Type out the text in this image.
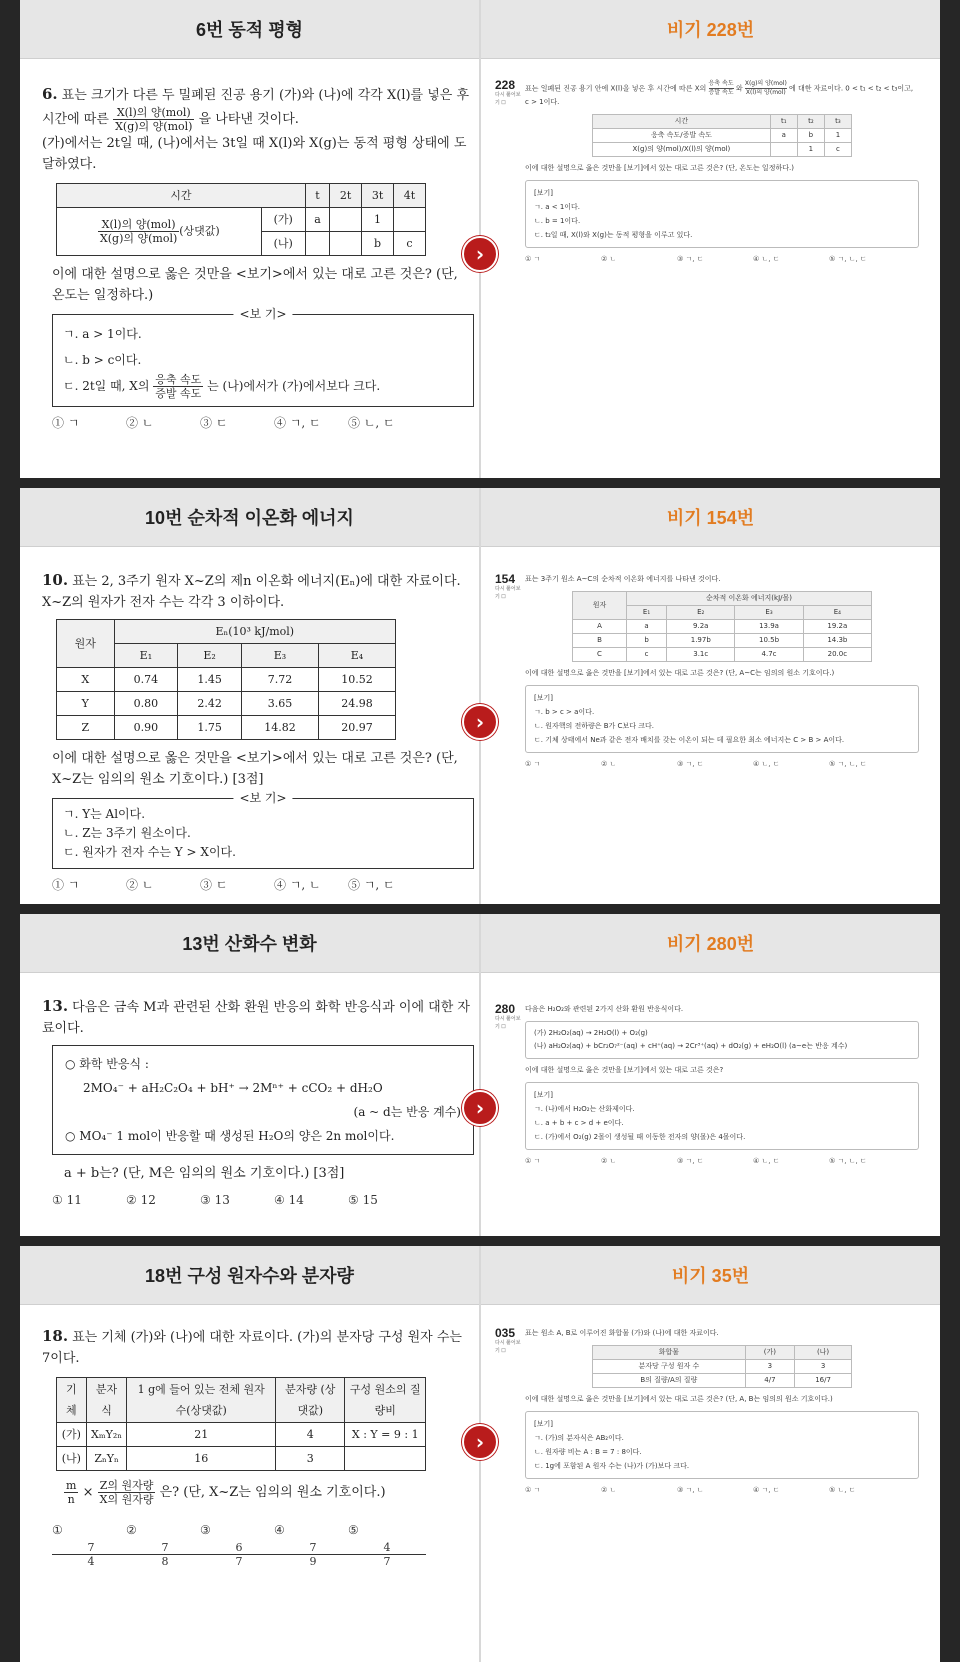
6번 동적 평형	비기 228번
›
6. 표는 크기가 다른 두 밀폐된 진공 용기 (가)와 (나)에 각각 X(l)를 넣은 후 시간에 따른 $\frac{\text{X(l)의 양(mol)}}{\text{X(g)의 양(mol)}}$ 을 나타낸 것이다.
(가)에서는 2t일 때, (나)에서는 3t일 때 X(l)와 X(g)는 동적 평형 상태에 도달하였다.
시간		t	2t	3t	4t

$\frac{\text{X(l)의 양(mol)}}{\text{X(g)의 양(mol)}}$ (상댓값)	(가)	a		1	
	(나)			b	c
이에 대한 설명으로 옳은 것만을 <보기>에서 있는 대로 고른 것은? (단, 온도는 일정하다.)
<보 기>
ㄱ. a > 1이다.
ㄴ. b > c이다.
ㄷ. 2t일 때, X의 $\frac{\text{응축 속도}}{\text{증발 속도}}$ 는 (나)에서가 (가)에서보다 크다.
① ㄱ	② ㄴ	③ ㄷ	④ ㄱ, ㄷ	⑤ ㄴ, ㄷ
228
다시 풀어보기 ☐
표는 일폐된 진공 용기 안에 X(l)을 넣은 후 시간에 따른 X의
응축 속도
증발 속도 와
X(g)의 양(mol)
X(l)의 양(mol) 에 대한 자료이다. 0 < t₁ < t₂ < t₃이고, c > 1이다.
시간	t₁	t₂	t₃
응축 속도/증발 속도	a	b	1
X(g)의 양(mol)/X(l)의 양(mol)		1	c
이에 대한 설명으로 옳은 것만을 [보기]에서 있는 대로 고른 것은? (단, 온도는 일정하다.)
[보기]
ㄱ. a < 1이다.
ㄴ. b = 1이다.
ㄷ. t₂일 때, X(l)와 X(g)는 동적 평형을 이루고 있다.
① ㄱ	② ㄴ	③ ㄱ, ㄷ	④ ㄴ, ㄷ	⑤ ㄱ, ㄴ, ㄷ
10번 순차적 이온화 에너지	비기 154번
›
10. 표는 2, 3주기 원자 X~Z의 제n 이온화 에너지(Eₙ)에 대한 자료이다. X~Z의 원자가 전자 수는 각각 3 이하이다.
원자	Eₙ(10³ kJ/mol)			
	E₁	E₂	E₃	E₄
X	0.74	1.45	7.72	10.52
Y	0.80	2.42	3.65	24.98
Z	0.90	1.75	14.82	20.97
이에 대한 설명으로 옳은 것만을 <보기>에서 있는 대로 고른 것은? (단, X~Z는 임의의 원소 기호이다.) [3점]
<보 기>
ㄱ. Y는 Al이다.
ㄴ. Z는 3주기 원소이다.
ㄷ. 원자가 전자 수는 Y > X이다.
① ㄱ	② ㄴ	③ ㄷ	④ ㄱ, ㄴ	⑤ ㄱ, ㄷ
154
다시 풀어보기 ☐
표는 3주기 원소 A~C의 순차적 이온화 에너지를 나타낸 것이다.
원자	순차적 이온화 에너지(kJ/몰)			
	E₁	E₂	E₃	E₄
A	a	9.2a	13.9a	19.2a
B	b	1.97b	10.5b	14.3b
C	c	3.1c	4.7c	20.0c
이에 대한 설명으로 옳은 것만을 [보기]에서 있는 대로 고른 것은? (단, A~C는 임의의 원소 기호이다.)
[보기]
ㄱ. b > c > a이다.
ㄴ. 원자핵의 전하량은 B가 C보다 크다.
ㄷ. 기체 상태에서 Ne과 같은 전자 배치를 갖는 이온이 되는 데 필요한 최소 에너지는 C > B > A이다.
① ㄱ	② ㄴ	③ ㄱ, ㄷ	④ ㄴ, ㄷ	⑤ ㄱ, ㄴ, ㄷ
13번 산화수 변화	비기 280번
›
13. 다음은 금속 M과 관련된 산화 환원 반응의 화학 반응식과 이에 대한 자료이다.
○ 화학 반응식 :
2MO₄⁻ + aH₂C₂O₄ + bH⁺ → 2Mⁿ⁺ + cCO₂ + dH₂O
(a ~ d는 반응 계수)
○ MO₄⁻ 1 mol이 반응할 때 생성된 H₂O의 양은 2n mol이다.
a + b는? (단, M은 임의의 원소 기호이다.) [3점]
① 11	② 12	③ 13	④ 14	⑤ 15
280
다시 풀어보기 ☐
다음은 H₂O₂와 관련된 2가지 산화 환원 반응식이다.
(가) 2H₂O₂(aq) → 2H₂O(l) + O₂(g)
(나) aH₂O₂(aq) + bCr₂O₇²⁻(aq) + cH⁺(aq) → 2Cr³⁺(aq) + dO₂(g) + eH₂O(l) (a~e는 반응 계수)
이에 대한 설명으로 옳은 것만을 [보기]에서 있는 대로 고른 것은?
[보기]
ㄱ. (나)에서 H₂O₂는 산화제이다.
ㄴ. a + b + c > d + e이다.
ㄷ. (가)에서 O₂(g) 2몰이 생성될 때 이동한 전자의 양(몰)은 4몰이다.
① ㄱ	② ㄴ	③ ㄱ, ㄷ	④ ㄴ, ㄷ	⑤ ㄱ, ㄴ, ㄷ
18번 구성 원자수와 분자량	비기 35번
›
18. 표는 기체 (가)와 (나)에 대한 자료이다. (가)의 분자당 구성 원자 수는 7이다.
기체	분자식	1 g에 들어 있는 전체 원자 수(상댓값)	분자량 (상댓값)	구성 원소의 질량비
(가)	XₘY₂ₙ	21	4	X : Y = 9 : 1
(나)	ZₙYₙ	16	3	
$\frac{m}{n} \times \frac{\text{Z의 원자량}}{\text{X의 원자량}}$ 은? (단, X~Z는 임의의 원소 기호이다.)
①
$\frac{7}{4}$
②
$\frac{7}{8}$
③
$\frac{6}{7}$
④
$\frac{7}{9}$
⑤
$\frac{4}{7}$
035
다시 풀어보기 ☐
표는 원소 A, B로 이루어진 화합물 (가)와 (나)에 대한 자료이다.
화합물	(가)	(나)
분자당 구성 원자 수	3	3
B의 질량/A의 질량	4/7	16/7
이에 대한 설명으로 옳은 것만을 [보기]에서 있는 대로 고른 것은? (단, A, B는 임의의 원소 기호이다.)
[보기]
ㄱ. (가)의 분자식은 AB₂이다.
ㄴ. 원자량 비는 A : B = 7 : 8이다.
ㄷ. 1g에 포함된 A 원자 수는 (나)가 (가)보다 크다.
① ㄱ	② ㄴ	③ ㄱ, ㄴ	④ ㄱ, ㄷ	⑤ ㄴ, ㄷ
